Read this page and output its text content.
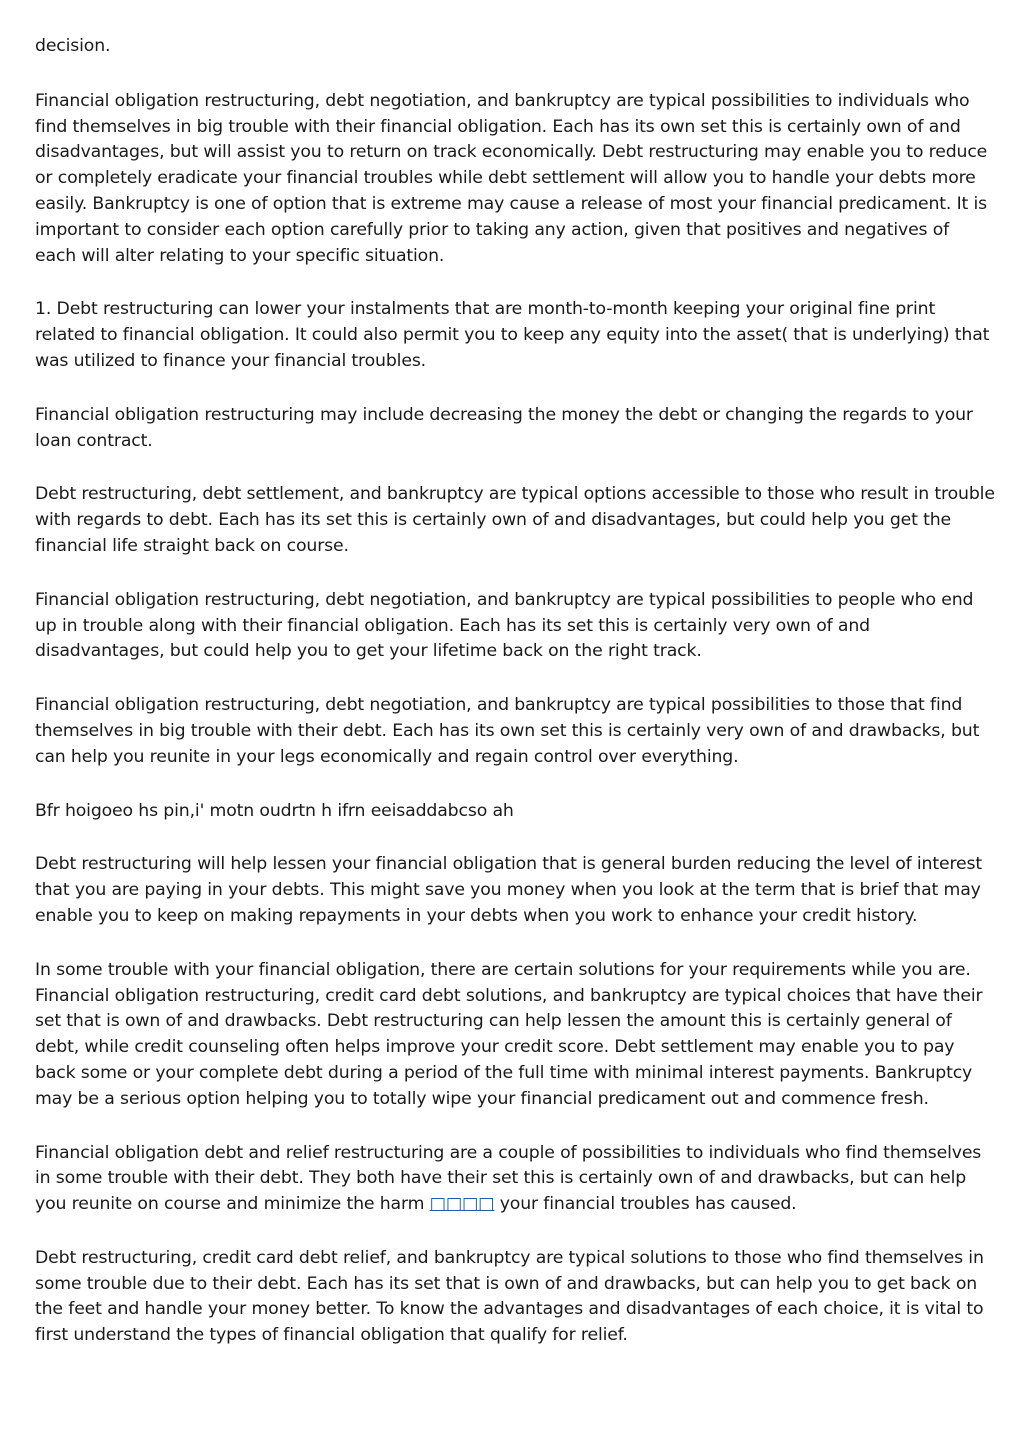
decision.

Financial obligation restructuring, debt negotiation, and bankruptcy are typical possibilities to individuals who find themselves in big trouble with their financial obligation. Each has its own set this is certainly own of and disadvantages, but will assist you to return on track economically. Debt restructuring may enable you to reduce or completely eradicate your financial troubles while debt settlement will allow you to handle your debts more easily. Bankruptcy is one of option that is extreme may cause a release of most your financial predicament. It is important to consider each option carefully prior to taking any action, given that positives and negatives of each will alter relating to your specific situation.

1. Debt restructuring can lower your instalments that are month-to-month keeping your original fine print related to financial obligation. It could also permit you to keep any equity into the asset( that is underlying) that was utilized to finance your financial troubles.

Financial obligation restructuring may include decreasing the money the debt or changing the regards to your loan contract.

Debt restructuring, debt settlement, and bankruptcy are typical options accessible to those who result in trouble with regards to debt. Each has its set this is certainly own of and disadvantages, but could help you get the financial life straight back on course.

Financial obligation restructuring, debt negotiation, and bankruptcy are typical possibilities to people who end up in trouble along with their financial obligation. Each has its set this is certainly very own of and disadvantages, but could help you to get your lifetime back on the right track.

Financial obligation restructuring, debt negotiation, and bankruptcy are typical possibilities to those that find themselves in big trouble with their debt. Each has its own set this is certainly very own of and drawbacks, but can help you reunite in your legs economically and regain control over everything.

Bfr hoigoeo hs pin,i' motn oudrtn h ifrn eeisaddabcso ah

Debt restructuring will help lessen your financial obligation that is general burden reducing the level of interest that you are paying in your debts. This might save you money when you look at the term that is brief that may enable you to keep on making repayments in your debts when you work to enhance your credit history.

In some trouble with your financial obligation, there are certain solutions for your requirements while you are. Financial obligation restructuring, credit card debt solutions, and bankruptcy are typical choices that have their set that is own of and drawbacks. Debt restructuring can help lessen the amount this is certainly general of debt, while credit counseling often helps improve your credit score. Debt settlement may enable you to pay back some or your complete debt during a period of the full time with minimal interest payments. Bankruptcy may be a serious option helping you to totally wipe your financial predicament out and commence fresh.

Financial obligation debt and relief restructuring are a couple of possibilities to individuals who find themselves in some trouble with their debt. They both have their set this is certainly own of and drawbacks, but can help you reunite on course and minimize the harm □□□□ your financial troubles has caused.

Debt restructuring, credit card debt relief, and bankruptcy are typical solutions to those who find themselves in some trouble due to their debt. Each has its set that is own of and drawbacks, but can help you to get back on the feet and handle your money better. To know the advantages and disadvantages of each choice, it is vital to first understand the types of financial obligation that qualify for relief.
